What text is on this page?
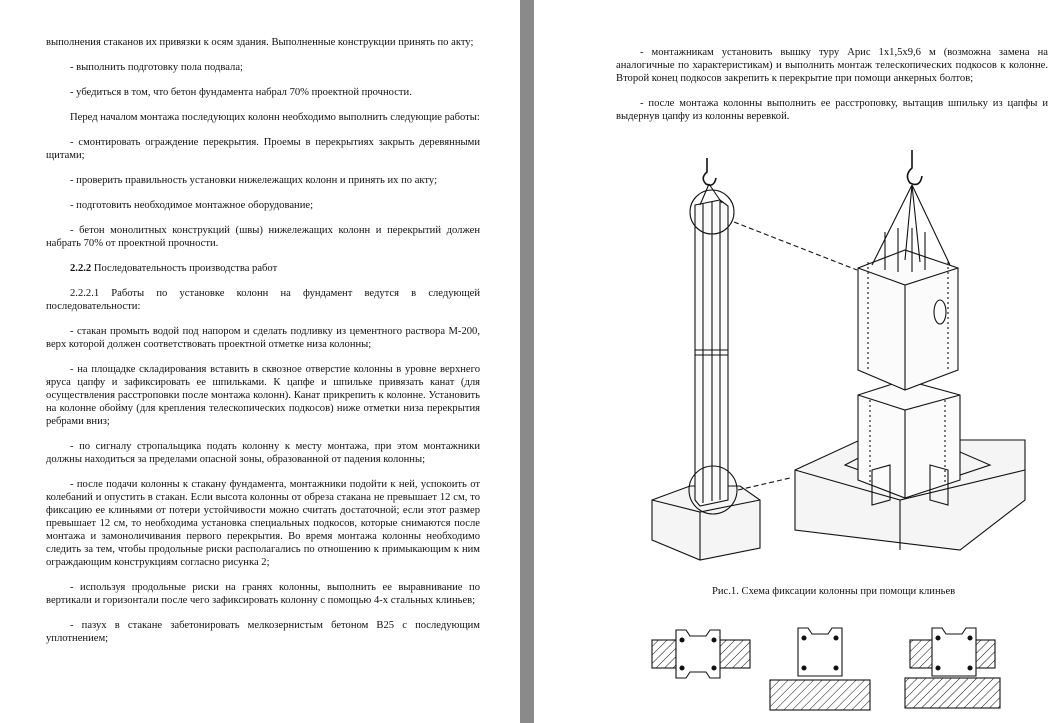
выполнения стаканов их привязки к осям здания. Выполненные конструкции принять по акту;

- выполнить подготовку пола подвала;

- убедиться в том, что бетон фундамента набрал 70% проектной прочности.

Перед началом монтажа последующих колонн необходимо выполнить следующие работы:

- смонтировать ограждение перекрытия. Проемы в перекрытиях закрыть деревянными щитами;

- проверить правильность установки нижележащих колонн и принять их по акту;

- подготовить необходимое монтажное оборудование;

- бетон монолитных конструкций (швы) нижележащих колонн и перекрытий должен набрать 70% от проектной прочности.

2.2.2 Последовательность производства работ

2.2.2.1 Работы по установке колонн на фундамент ведутся в следующей последовательности:

- стакан промыть водой под напором и сделать подливку из цементного раствора М-200, верх которой должен соответствовать проектной отметке низа колонны;

- на площадке складирования вставить в сквозное отверстие колонны в уровне верхнего яруса цапфу и зафиксировать ее шпильками. К цапфе и шпильке привязать канат (для осуществления расстроповки после монтажа колонн). Канат прикрепить к колонне. Установить на колонне обойму (для крепления телескопических подкосов) ниже отметки низа перекрытия ребрами вниз;

- по сигналу стропальщика подать колонну к месту монтажа, при этом монтажники должны находиться за пределами опасной зоны, образованной от падения колонны;

- после подачи колонны к стакану фундамента, монтажники подойти к ней, успокоить от колебаний и опустить в стакан. Если высота колонны от обреза стакана не превышает 12 см, то фиксацию ее клиньями от потери устойчивости можно считать достаточной; если этот размер превышает 12 см, то необходима установка специальных подкосов, которые снимаются после монтажа и замоноличивания первого перекрытия. Во время монтажа колонны необходимо следить за тем, чтобы продольные риски располагались по отношению к примыкающим к ним ограждающим конструкциям согласно рисунка 2;

- используя продольные риски на гранях колонны, выполнить ее выравнивание по вертикали и горизонтали после чего зафиксировать колонну с помощью 4-х стальных клиньев;

- пазух в стакане забетонировать мелкозернистым бетоном В25 с последующим уплотнением;

- монтажникам установить вышку туру Арис 1х1,5х9,6 м (возможна замена на аналогичные по характеристикам) и выполнить монтаж телескопических подкосов к колонне. Второй конец подкосов закрепить к перекрытие при помощи анкерных болтов;

- после монтажа колонны выполнить ее расстроповку, вытащив шпильку из цапфы и выдернув цапфу из колонны веревкой.

Рис.1. Схема фиксации колонны при помощи клиньев
